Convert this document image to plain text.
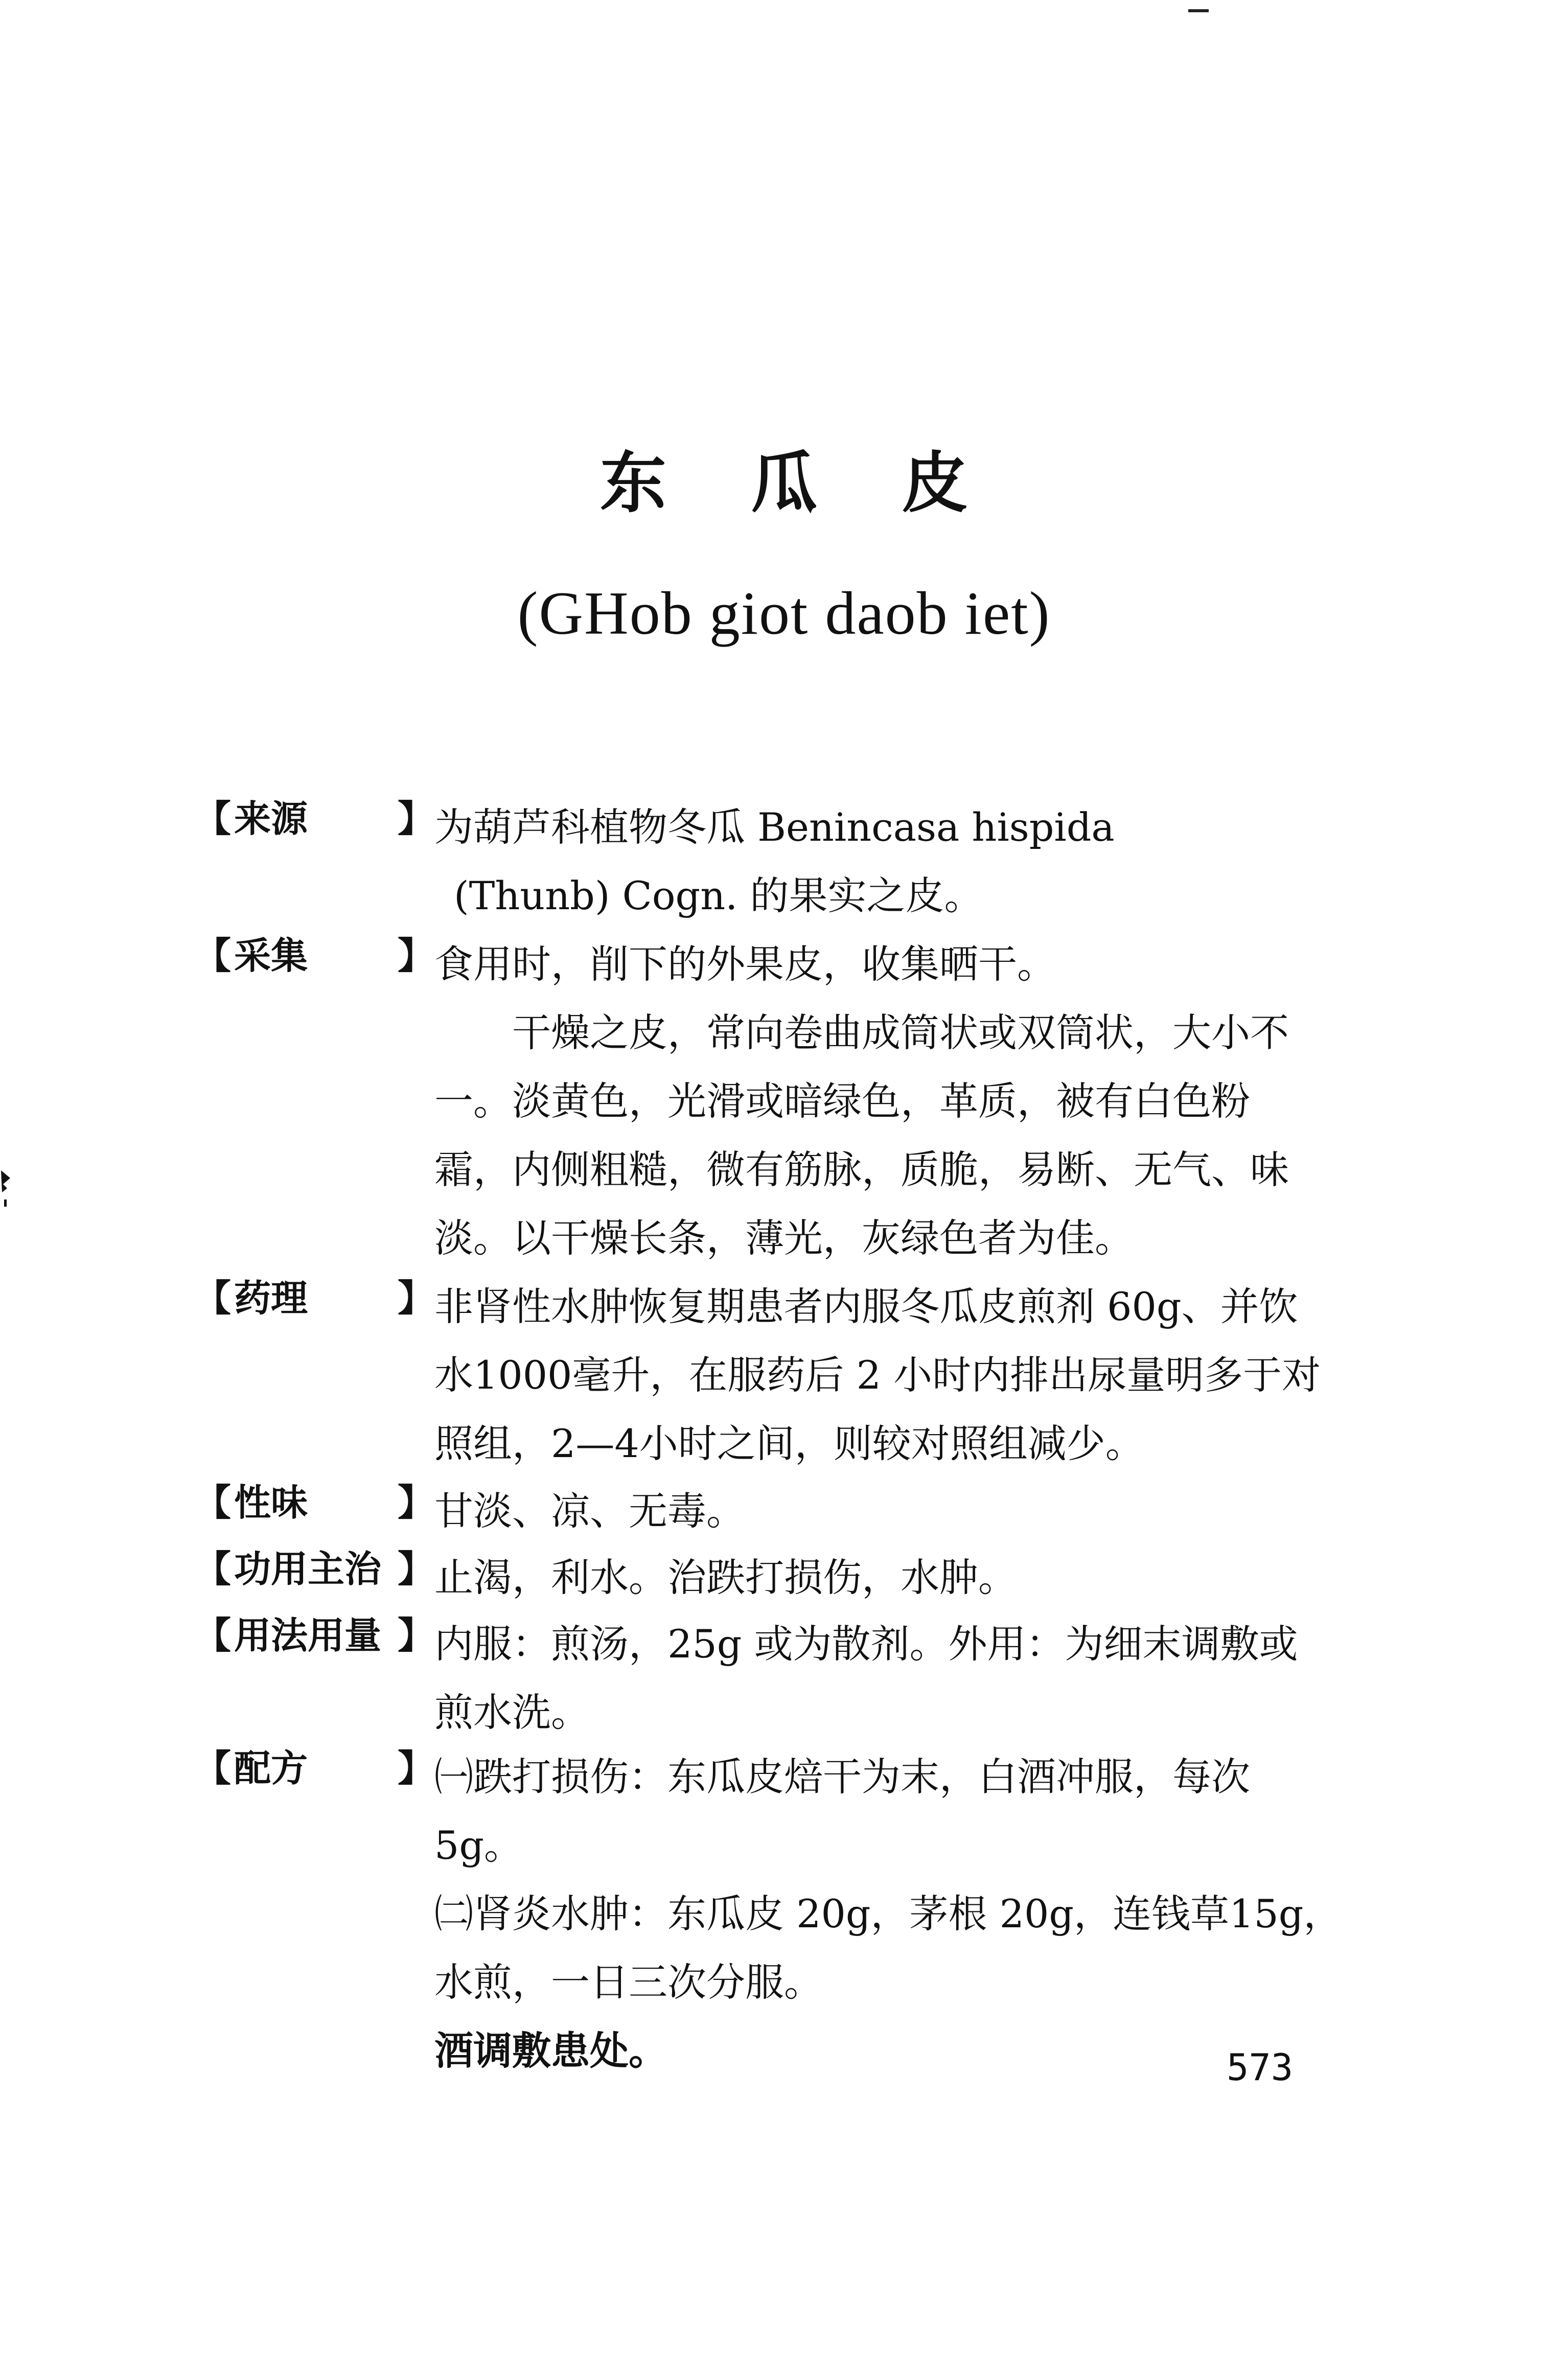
东瓜皮
(GHob giot daob iet)
【 来源	】 为葫芦科植物冬瓜 Benincasa hispida

(Thunb) Cogn. 的果实之皮。

【 采集	】 食用时，削下的外果皮，收集晒干。

干燥之皮，常向卷曲成筒状或双筒状，大小不

一。淡黄色，光滑或暗绿色，革质，被有白色粉

霜，内侧粗糙，微有筋脉，质脆，易断、无气、味

淡。以干燥长条，薄光，灰绿色者为佳。

【 药理	】 非肾性水肿恢复期患者内服冬瓜皮煎剂 60g、并饮

水1000毫升，在服药后 2 小时内排出尿量明多于对

照组，2—4小时之间，则较对照组减少。

【 性味	】 甘淡、凉、无毒。

【 功用主治 】 止渴，利水。治跌打损伤，水肿。

【 用法用量 】 内服：煎汤，25g 或为散剂。外用：为细末调敷或

煎水洗。

【 配方	】 ㈠跌打损伤：东瓜皮焙干为末，白酒冲服，每次

5g。

㈡肾炎水肿：东瓜皮 20g，茅根 20g，连钱草15g，

水煎，一日三次分服。

酒调敷患处。	573
